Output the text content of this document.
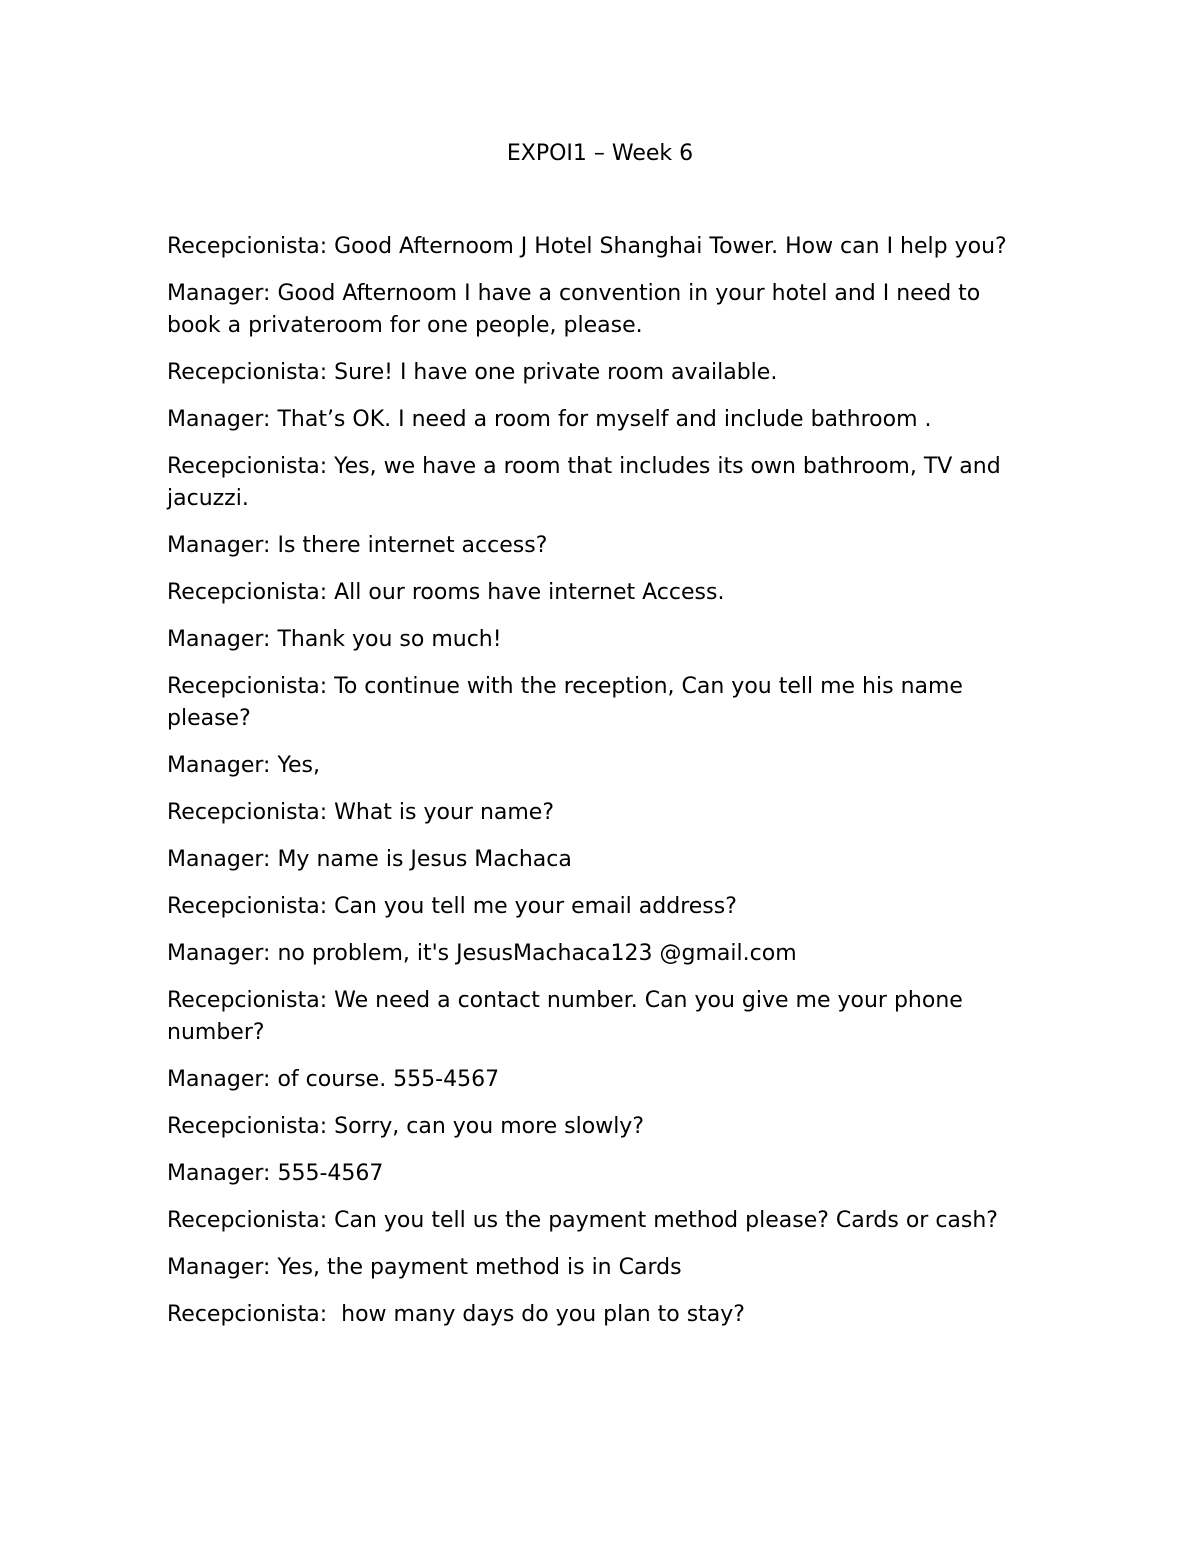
EXPOI1 – Week 6

Recepcionista: Good Afternoom J Hotel Shanghai Tower. How can I help you?

Manager: Good Afternoom I have a convention in your hotel and I need to book a privateroom for one people, please.

Recepcionista: Sure! I have one private room available.

Manager: That’s OK. I need a room for myself and include bathroom .

Recepcionista: Yes, we have a room that includes its own bathroom, TV and jacuzzi.

Manager: Is there internet access?

Recepcionista: All our rooms have internet Access.

Manager: Thank you so much!

Recepcionista: To continue with the reception, Can you tell me his name please?

Manager: Yes,

Recepcionista: What is your name?

Manager: My name is Jesus Machaca

Recepcionista: Can you tell me your email address?

Manager: no problem, it's JesusMachaca123 @gmail.com

Recepcionista: We need a contact number. Can you give me your phone number?

Manager: of course. 555-4567

Recepcionista: Sorry, can you more slowly?

Manager: 555-4567

Recepcionista: Can you tell us the payment method please? Cards or cash?

Manager: Yes, the payment method is in Cards

Recepcionista:  how many days do you plan to stay?
